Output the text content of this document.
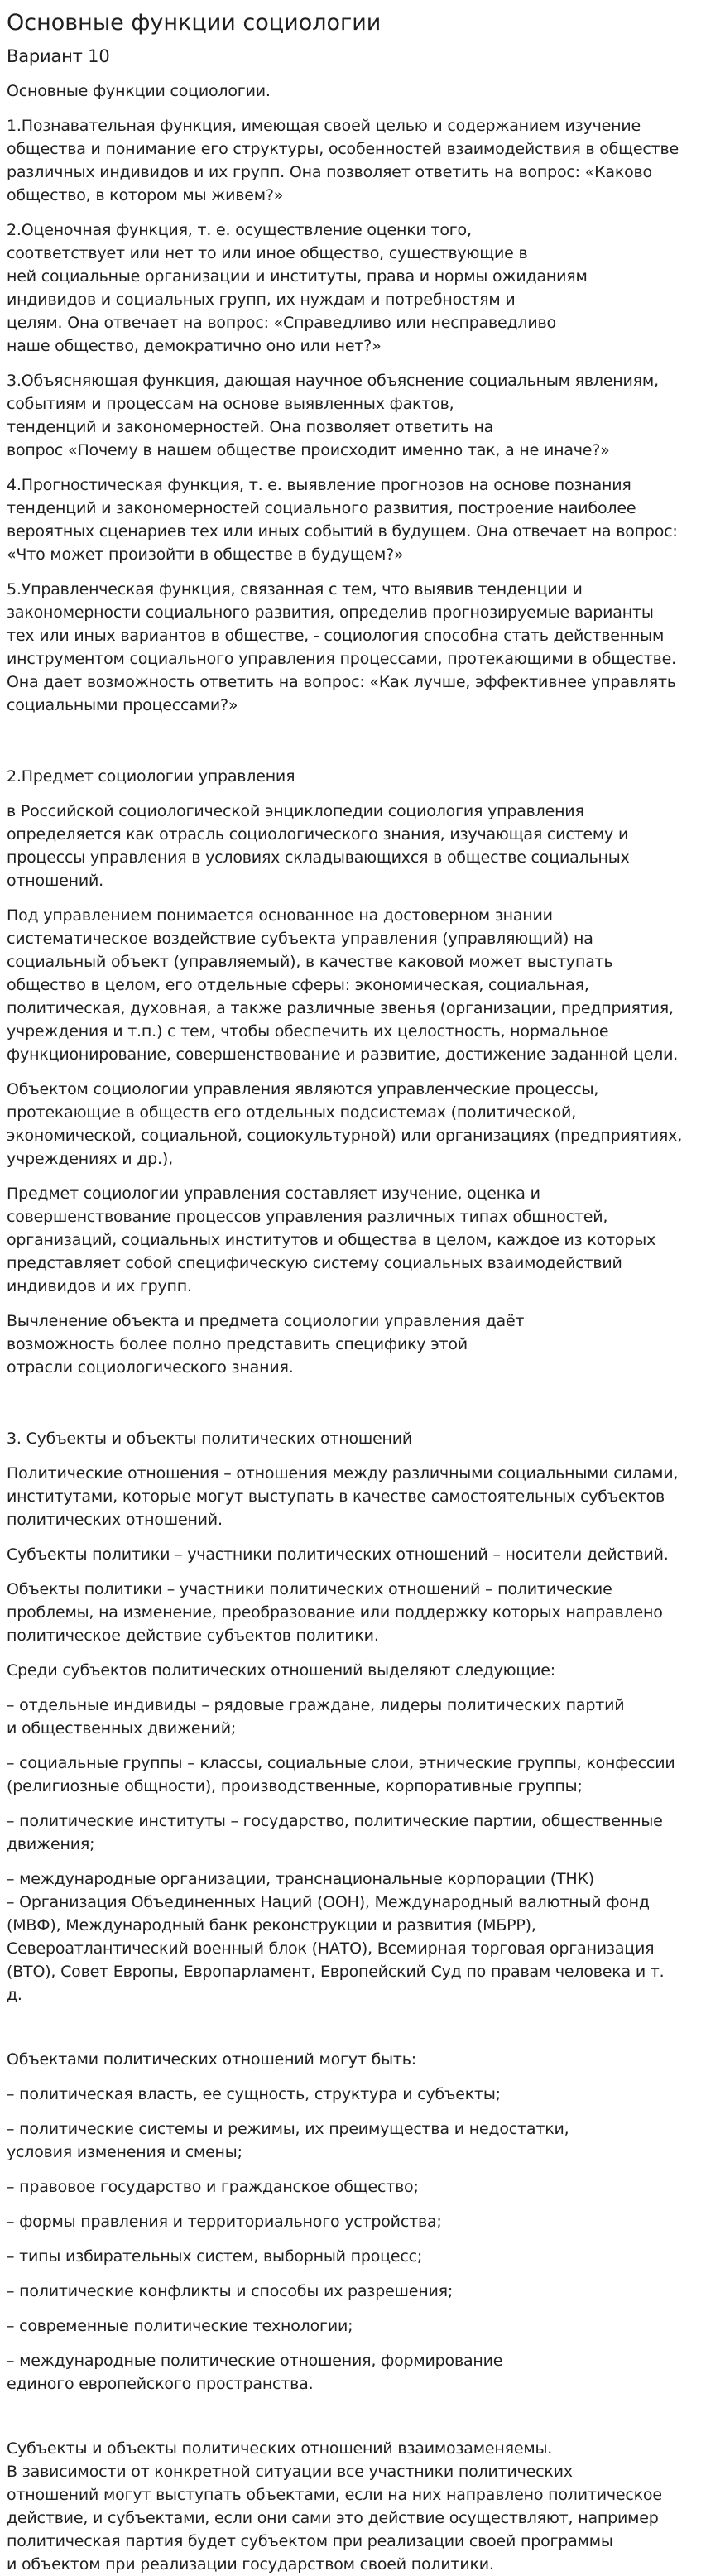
Основные функции социологии
Вариант 10

Основные функции социологии.

1.Познавательная функция, имеющая своей целью и содержанием изучение
общества и понимание его структуры, особенностей взаимодействия в обществе
различных индивидов и их групп. Она позволяет ответить на вопрос: «Каково
общество, в котором мы живем?»

2.Оценочная функция, т. е. осуществление оценки того,
соответствует или нет то или иное общество, существующие в
ней социальные организации и институты, права и нормы ожиданиям
индивидов и социальных групп, их нуждам и потребностям и
целям. Она отвечает на вопрос: «Справедливо или несправедливо
наше общество, демократично оно или нет?»

3.Объясняющая функция, дающая научное объяснение социальным явлениям,
событиям и процессам на основе выявленных фактов,
тенденций и закономерностей. Она позволяет ответить на
вопрос «Почему в нашем обществе происходит именно так, а не иначе?»

4.Прогностическая функция, т. е. выявление прогнозов на основе познания
тенденций и закономерностей социального развития, построение наиболее
вероятных сценариев тех или иных событий в будущем. Она отвечает на вопрос:
«Что может произойти в обществе в будущем?»

5.Управленческая функция, связанная с тем, что выявив тенденции и
закономерности социального развития, определив прогнозируемые варианты
тех или иных вариантов в обществе, - социология способна стать действенным
инструментом социального управления процессами, протекающими в обществе.
Она дает возможность ответить на вопрос: «Как лучше, эффективнее управлять
социальными процессами?»

2.Предмет социологии управления

в Российской социологической энциклопедии социология управления
определяется как отрасль социологического знания, изучающая систему и
процессы управления в условиях складывающихся в обществе социальных
отношений.

Под управлением понимается основанное на достоверном знании
систематическое воздействие субъекта управления (управляющий) на
социальный объект (управляемый), в качестве каковой может выступать
общество в целом, его отдельные сферы: экономическая, социальная,
политическая, духовная, а также различные звенья (организации, предприятия,
учреждения и т.п.) с тем, чтобы обеспечить их целостность, нормальное
функционирование, совершенствование и развитие, достижение заданной цели.

Объектом социологии управления являются управленческие процессы,
протекающие в обществ его отдельных подсистемах (политической,
экономической, социальной, социокультурной) или организациях (предприятиях,
учреждениях и др.),

Предмет социологии управления составляет изучение, оценка и
совершенствование процессов управления различных типах общностей,
организаций, социальных институтов и общества в целом, каждое из которых
представляет собой специфическую систему социальных взаимодействий
индивидов и их групп.

Вычленение объекта и предмета социологии управления даёт
возможность более полно представить специфику этой
отрасли социологического знания.

3. Субъекты и объекты политических отношений

Политические отношения – отношения между различными социальными силами,
институтами, которые могут выступать в качестве самостоятельных субъектов
политических отношений.

Субъекты политики – участники политических отношений – носители действий.

Объекты политики – участники политических отношений – политические
проблемы, на изменение, преобразование или поддержку которых направлено
политическое действие субъектов политики.

Среди субъектов политических отношений выделяют следующие:

– отдельные индивиды – рядовые граждане, лидеры политических партий
и общественных движений;

– социальные группы – классы, социальные слои, этнические группы, конфессии
(религиозные общности), производственные, корпоративные группы;

– политические институты – государство, политические партии, общественные
движения;

– международные организации, транснациональные корпорации (ТНК)
– Организация Объединенных Наций (ООН), Международный валютный фонд
(МВФ), Международный банк реконструкции и развития (МБРР),
Североатлантический военный блок (НАТО), Всемирная торговая организация
(ВТО), Совет Европы, Европарламент, Европейский Суд по правам человека и т.
д.

Объектами политических отношений могут быть:

– политическая власть, ее сущность, структура и субъекты;

– политические системы и режимы, их преимущества и недостатки,
условия изменения и смены;

– правовое государство и гражданское общество;

– формы правления и территориального устройства;

– типы избирательных систем, выборный процесс;

– политические конфликты и способы их разрешения;

– современные политические технологии;

– международные политические отношения, формирование
единого европейского пространства.

Субъекты и объекты политических отношений взаимозаменяемы.
В зависимости от конкретной ситуации все участники политических
отношений могут выступать объектами, если на них направлено политическое
действие, и субъектами, если они сами это действие осуществляют, например
политическая партия будет субъектом при реализации своей программы
и объектом при реализации государством своей политики.
